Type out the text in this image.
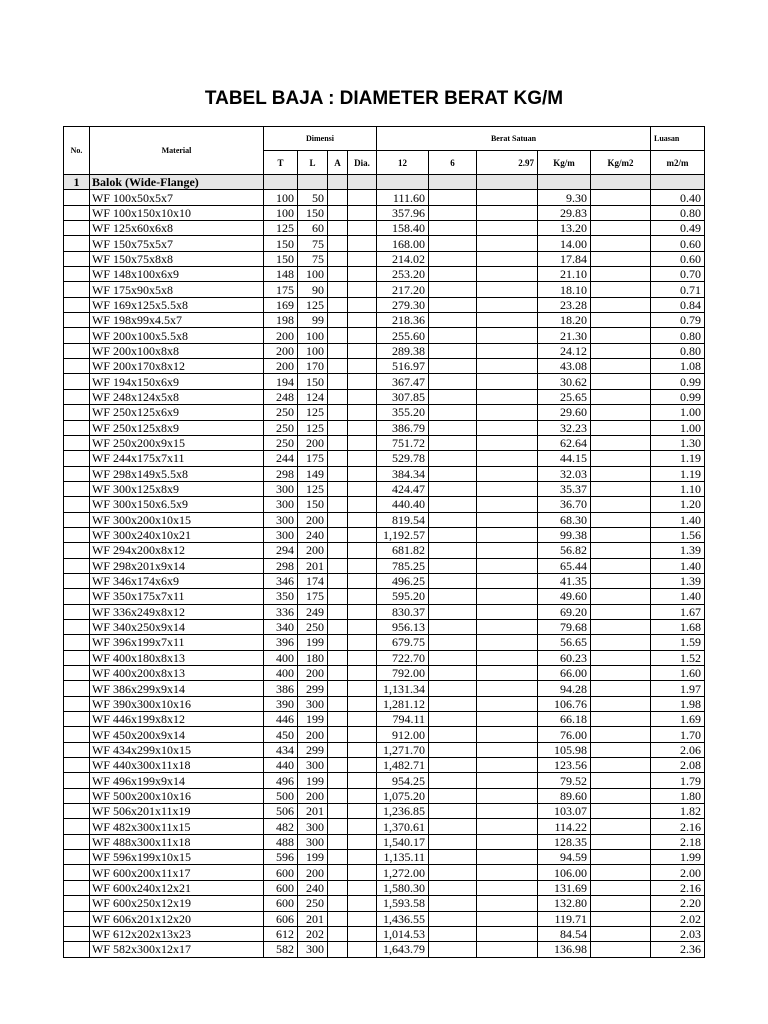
TABEL BAJA : DIAMETER BERAT KG/M
No.	Material	Dimensi				Berat Satuan					Luasan
		T	L	A	Dia.	12	6	2.97	Kg/m	Kg/m2	m2/m
1	Balok (Wide-Flange)										
	WF 100x50x5x7	100	50			111.60			9.30		0.40
	WF 100x150x10x10	100	150			357.96			29.83		0.80
	WF 125x60x6x8	125	60			158.40			13.20		0.49
	WF 150x75x5x7	150	75			168.00			14.00		0.60
	WF 150x75x8x8	150	75			214.02			17.84		0.60
	WF 148x100x6x9	148	100			253.20			21.10		0.70
	WF 175x90x5x8	175	90			217.20			18.10		0.71
	WF 169x125x5.5x8	169	125			279.30			23.28		0.84
	WF 198x99x4.5x7	198	99			218.36			18.20		0.79
	WF 200x100x5.5x8	200	100			255.60			21.30		0.80
	WF 200x100x8x8	200	100			289.38			24.12		0.80
	WF 200x170x8x12	200	170			516.97			43.08		1.08
	WF 194x150x6x9	194	150			367.47			30.62		0.99
	WF 248x124x5x8	248	124			307.85			25.65		0.99
	WF 250x125x6x9	250	125			355.20			29.60		1.00
	WF 250x125x8x9	250	125			386.79			32.23		1.00
	WF 250x200x9x15	250	200			751.72			62.64		1.30
	WF 244x175x7x11	244	175			529.78			44.15		1.19
	WF 298x149x5.5x8	298	149			384.34			32.03		1.19
	WF 300x125x8x9	300	125			424.47			35.37		1.10
	WF 300x150x6.5x9	300	150			440.40			36.70		1.20
	WF 300x200x10x15	300	200			819.54			68.30		1.40
	WF 300x240x10x21	300	240			1,192.57			99.38		1.56
	WF 294x200x8x12	294	200			681.82			56.82		1.39
	WF 298x201x9x14	298	201			785.25			65.44		1.40
	WF 346x174x6x9	346	174			496.25			41.35		1.39
	WF 350x175x7x11	350	175			595.20			49.60		1.40
	WF 336x249x8x12	336	249			830.37			69.20		1.67
	WF 340x250x9x14	340	250			956.13			79.68		1.68
	WF 396x199x7x11	396	199			679.75			56.65		1.59
	WF 400x180x8x13	400	180			722.70			60.23		1.52
	WF 400x200x8x13	400	200			792.00			66.00		1.60
	WF 386x299x9x14	386	299			1,131.34			94.28		1.97
	WF 390x300x10x16	390	300			1,281.12			106.76		1.98
	WF 446x199x8x12	446	199			794.11			66.18		1.69
	WF 450x200x9x14	450	200			912.00			76.00		1.70
	WF 434x299x10x15	434	299			1,271.70			105.98		2.06
	WF 440x300x11x18	440	300			1,482.71			123.56		2.08
	WF 496x199x9x14	496	199			954.25			79.52		1.79
	WF 500x200x10x16	500	200			1,075.20			89.60		1.80
	WF 506x201x11x19	506	201			1,236.85			103.07		1.82
	WF 482x300x11x15	482	300			1,370.61			114.22		2.16
	WF 488x300x11x18	488	300			1,540.17			128.35		2.18
	WF 596x199x10x15	596	199			1,135.11			94.59		1.99
	WF 600x200x11x17	600	200			1,272.00			106.00		2.00
	WF 600x240x12x21	600	240			1,580.30			131.69		2.16
	WF 600x250x12x19	600	250			1,593.58			132.80		2.20
	WF 606x201x12x20	606	201			1,436.55			119.71		2.02
	WF 612x202x13x23	612	202			1,014.53			84.54		2.03
	WF 582x300x12x17	582	300			1,643.79			136.98		2.36
